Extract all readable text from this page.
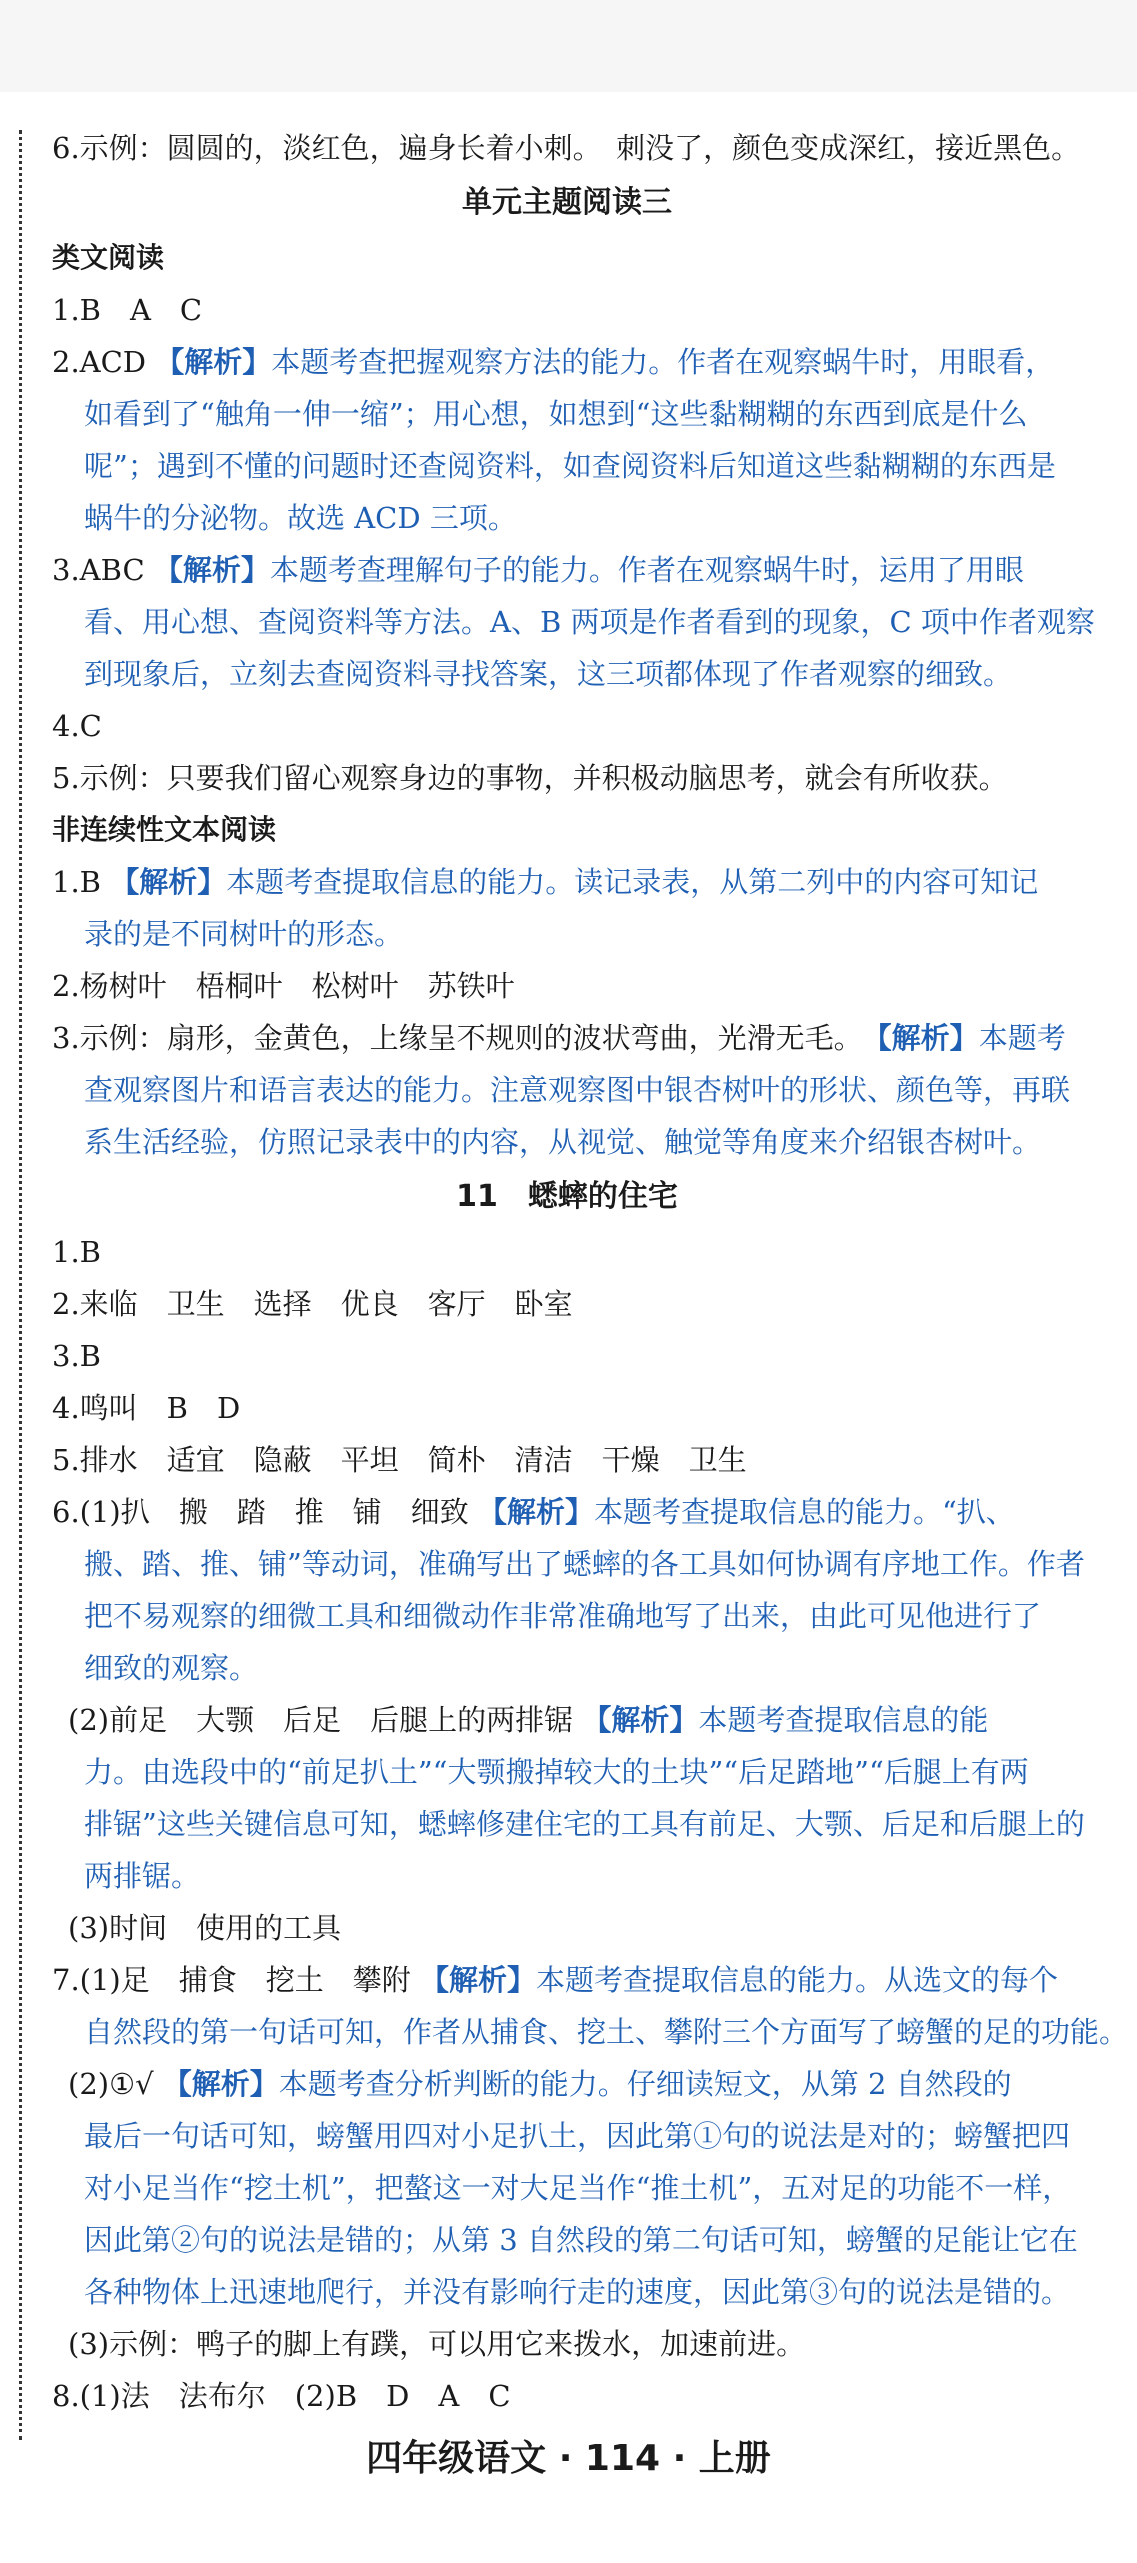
6.示例：圆圆的，淡红色，遍身长着小刺。　刺没了，颜色变成深红，接近黑色。
单元主题阅读三
类文阅读
1.B　A　C
2.ACD 【解析】本题考查把握观察方法的能力。作者在观察蜗牛时，用眼看，
如看到了“触角一伸一缩”；用心想，如想到“这些黏糊糊的东西到底是什么
呢”；遇到不懂的问题时还查阅资料，如查阅资料后知道这些黏糊糊的东西是
蜗牛的分泌物。故选 ACD 三项。
3.ABC 【解析】本题考查理解句子的能力。作者在观察蜗牛时，运用了用眼
看、用心想、查阅资料等方法。A、B 两项是作者看到的现象，C 项中作者观察
到现象后，立刻去查阅资料寻找答案，这三项都体现了作者观察的细致。
4.C
5.示例：只要我们留心观察身边的事物，并积极动脑思考，就会有所收获。
非连续性文本阅读
1.B 【解析】本题考查提取信息的能力。读记录表，从第二列中的内容可知记
录的是不同树叶的形态。
2.杨树叶　梧桐叶　松树叶　苏铁叶
3.示例：扇形，金黄色，上缘呈不规则的波状弯曲，光滑无毛。　【解析】本题考
查观察图片和语言表达的能力。注意观察图中银杏树叶的形状、颜色等，再联
系生活经验，仿照记录表中的内容，从视觉、触觉等角度来介绍银杏树叶。
11　蟋蟀的住宅
1.B
2.来临　卫生　选择　优良　客厅　卧室
3.B
4.鸣叫　B　D
5.排水　适宜　隐蔽　平坦　简朴　清洁　干燥　卫生
6.(1)扒　搬　踏　推　铺　细致 【解析】本题考查提取信息的能力。“扒、
搬、踏、推、铺”等动词，准确写出了蟋蟀的各工具如何协调有序地工作。作者
把不易观察的细微工具和细微动作非常准确地写了出来，由此可见他进行了
细致的观察。
(2)前足　大颚　后足　后腿上的两排锯 【解析】本题考查提取信息的能
力。由选段中的“前足扒土”“大颚搬掉较大的土块”“后足踏地”“后腿上有两
排锯”这些关键信息可知，蟋蟀修建住宅的工具有前足、大颚、后足和后腿上的
两排锯。
(3)时间　使用的工具
7.(1)足　捕食　挖土　攀附 【解析】本题考查提取信息的能力。从选文的每个
自然段的第一句话可知，作者从捕食、挖土、攀附三个方面写了螃蟹的足的功能。
(2)①√ 【解析】本题考查分析判断的能力。仔细读短文，从第 2 自然段的
最后一句话可知，螃蟹用四对小足扒土，因此第①句的说法是对的；螃蟹把四
对小足当作“挖土机”，把螯这一对大足当作“推土机”，五对足的功能不一样，
因此第②句的说法是错的；从第 3 自然段的第二句话可知，螃蟹的足能让它在
各种物体上迅速地爬行，并没有影响行走的速度，因此第③句的说法是错的。
(3)示例：鸭子的脚上有蹼，可以用它来拨水，加速前进。
8.(1)法　法布尔　(2)B　D　A　C
四年级语文 · 114 · 上册
